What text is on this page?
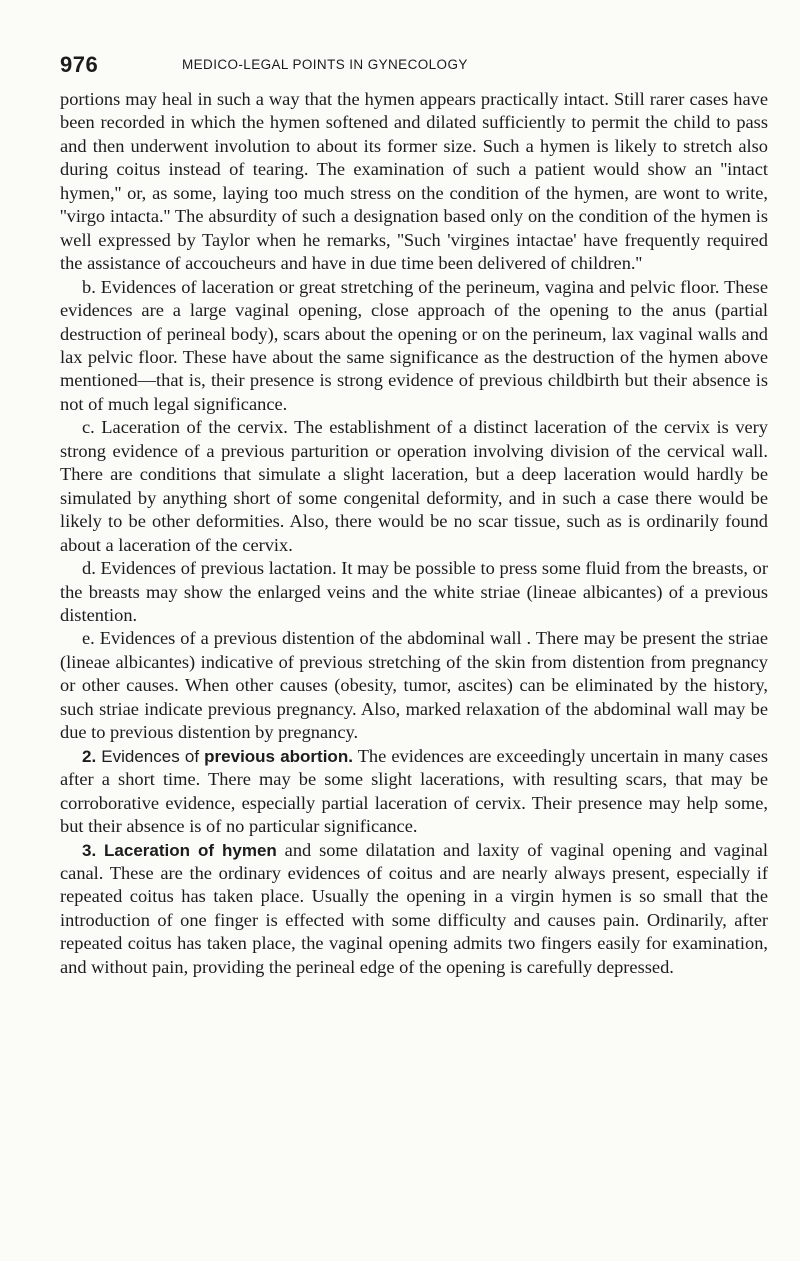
976	MEDICO-LEGAL POINTS IN GYNECOLOGY

portions may heal in such a way that the hymen appears practically intact. Still rarer cases have been recorded in which the hymen softened and dilated sufficiently to permit the child to pass and then underwent involution to about its former size. Such a hymen is likely to stretch also during coitus instead of tearing. The examination of such a patient would show an ''intact hymen,'' or, as some, laying too much stress on the condition of the hymen, are wont to write, ''virgo intacta.'' The absurdity of such a designation based only on the condition of the hymen is well expressed by Taylor when he remarks, ''Such 'virgines intactae' have frequently required the assistance of accoucheurs and have in due time been delivered of children.''

b. Evidences of laceration or great stretching of the perineum, vagina and pelvic floor. These evidences are a large vaginal opening, close approach of the opening to the anus (partial destruction of perineal body), scars about the opening or on the perineum, lax vaginal walls and lax pelvic floor. These have about the same significance as the destruction of the hymen above mentioned—that is, their presence is strong evidence of previous childbirth but their absence is not of much legal significance.

c. Laceration of the cervix. The establishment of a distinct laceration of the cervix is very strong evidence of a previous parturition or operation involving division of the cervical wall. There are conditions that simulate a slight laceration, but a deep laceration would hardly be simulated by anything short of some congenital deformity, and in such a case there would be likely to be other deformities. Also, there would be no scar tissue, such as is ordinarily found about a laceration of the cervix.

d. Evidences of previous lactation. It may be possible to press some fluid from the breasts, or the breasts may show the enlarged veins and the white striae (lineae albicantes) of a previous distention.

e. Evidences of a previous distention of the abdominal wall . There may be present the striae (lineae albicantes) indicative of previous stretching of the skin from distention from pregnancy or other causes. When other causes (obesity, tumor, ascites) can be eliminated by the history, such striae indicate previous pregnancy. Also, marked relaxation of the abdominal wall may be due to previous distention by pregnancy.

2. Evidences of previous abortion. The evidences are exceedingly uncertain in many cases after a short time. There may be some slight lacerations, with resulting scars, that may be corroborative evidence, especially partial laceration of cervix. Their presence may help some, but their absence is of no particular significance.

3. Laceration of hymen and some dilatation and laxity of vaginal opening and vaginal canal. These are the ordinary evidences of coitus and are nearly always present, especially if repeated coitus has taken place. Usually the opening in a virgin hymen is so small that the introduction of one finger is effected with some difficulty and causes pain. Ordinarily, after repeated coitus has taken place, the vaginal opening admits two fingers easily for examination, and without pain, providing the perineal edge of the opening is carefully depressed.
